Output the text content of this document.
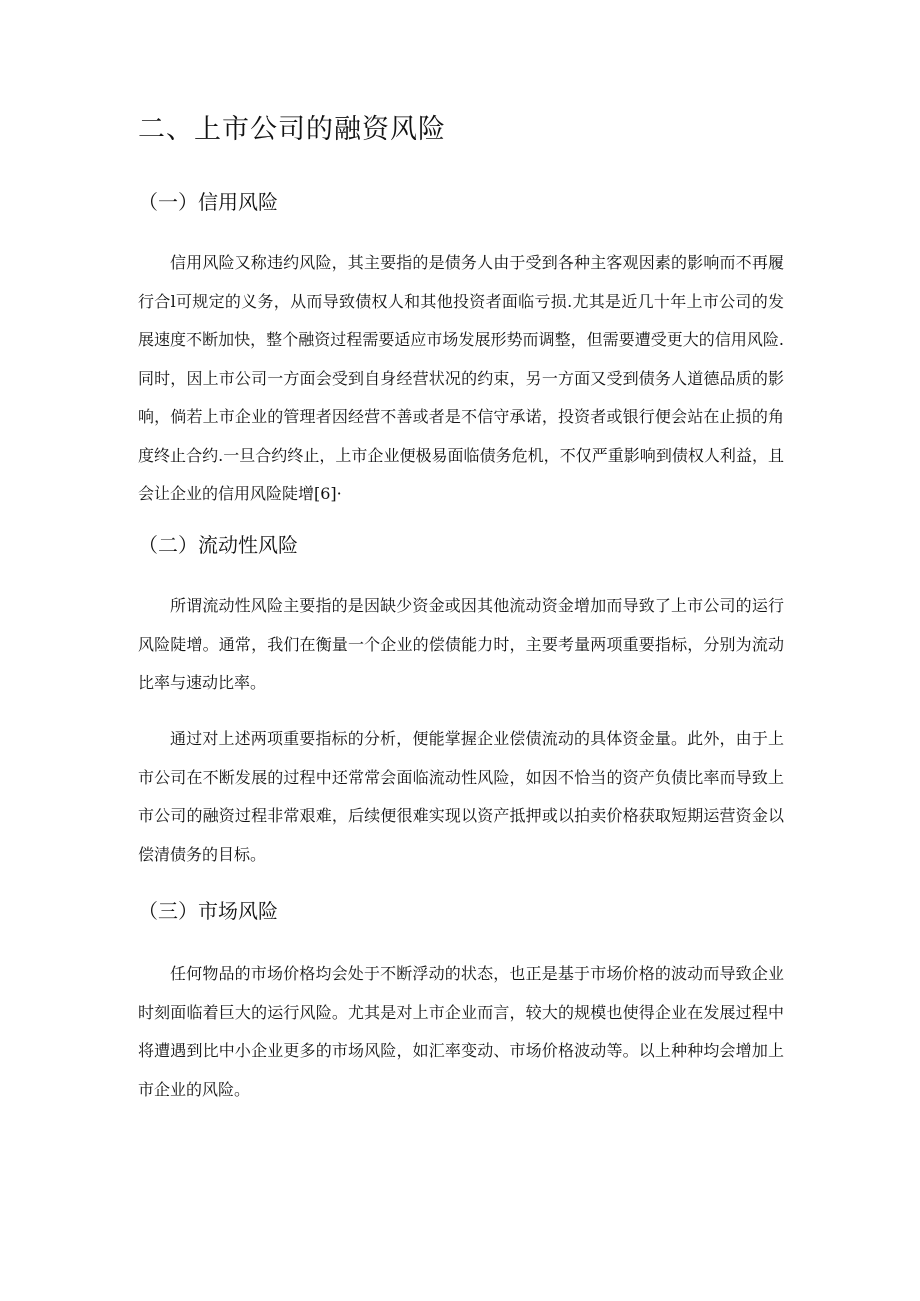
二、上市公司的融资风险
（一）信用风险

信用风险又称违约风险，其主要指的是债务人由于受到各种主客观因素的影响而不再履行合l可规定的义务，从而导致债权人和其他投资者面临亏损.尤其是近几十年上市公司的发展速度不断加快，整个融资过程需要适应市场发展形势而调整，但需要遭受更大的信用风险.同时，因上市公司一方面会受到自身经营状况的约束，另一方面又受到债务人道德品质的影响，倘若上市企业的管理者因经营不善或者是不信守承诺，投资者或银行便会站在止损的角度终止合约.一旦合约终止，上市企业便极易面临债务危机，不仅严重影响到债权人利益，且会让企业的信用风险陡增[6]·

（二）流动性风险

所谓流动性风险主要指的是因缺少资金或因其他流动资金增加而导致了上市公司的运行风险陡增。通常，我们在衡量一个企业的偿债能力时，主要考量两项重要指标，分别为流动比率与速动比率。

通过对上述两项重要指标的分析，便能掌握企业偿债流动的具体资金量。此外，由于上市公司在不断发展的过程中还常常会面临流动性风险，如因不恰当的资产负债比率而导致上市公司的融资过程非常艰难，后续便很难实现以资产抵押或以拍卖价格获取短期运营资金以偿清债务的目标。

（三）市场风险

任何物品的市场价格均会处于不断浮动的状态，也正是基于市场价格的波动而导致企业时刻面临着巨大的运行风险。尤其是对上市企业而言，较大的规模也使得企业在发展过程中将遭遇到比中小企业更多的市场风险，如汇率变动、市场价格波动等。以上种种均会增加上市企业的风险。
